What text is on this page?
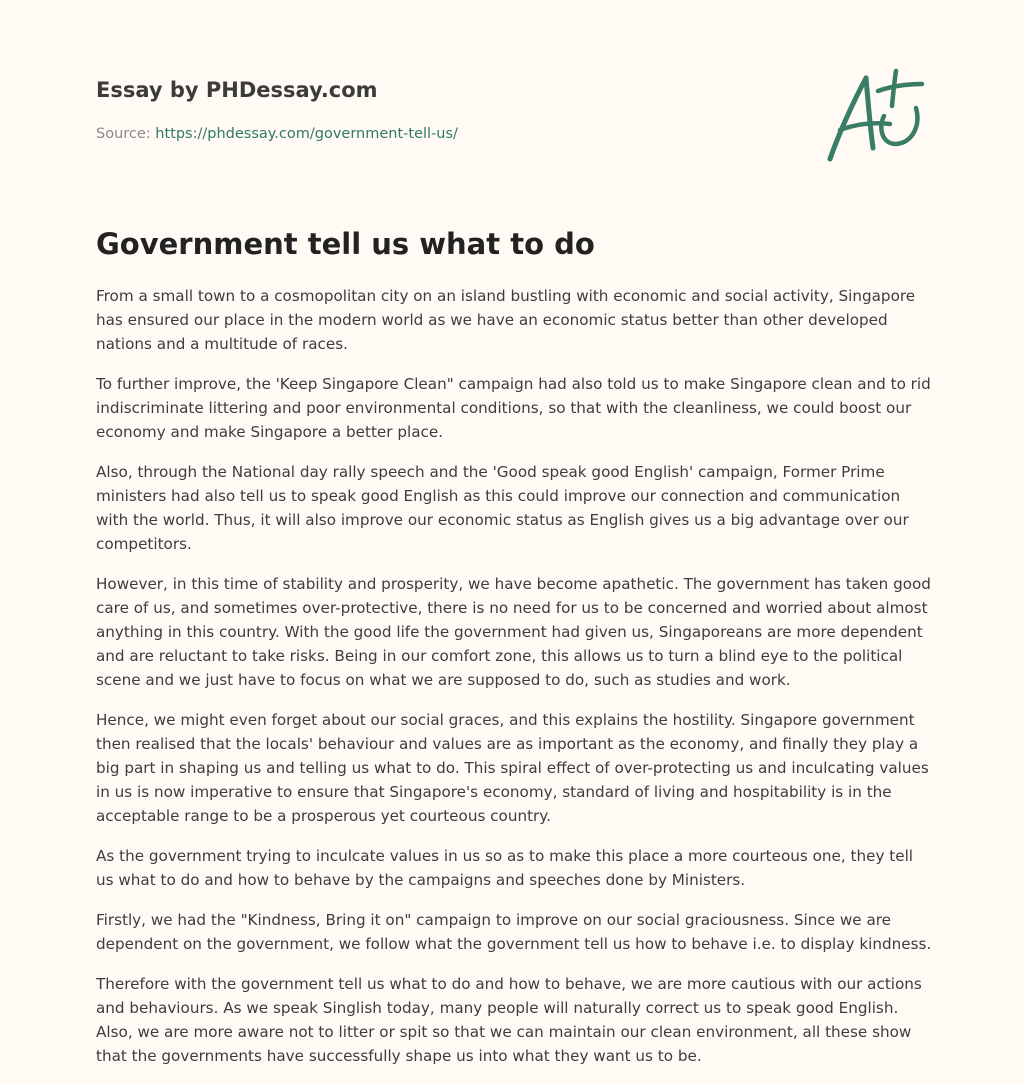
Essay by PHDessay.com
Source: https://phdessay.com/government-tell-us/
Government tell us what to do

From a small town to a cosmopolitan city on an island bustling with economic and social activity, Singapore has ensured our place in the modern world as we have an economic status better than other developed nations and a multitude of races.

To further improve, the 'Keep Singapore Clean" campaign had also told us to make Singapore clean and to rid indiscriminate littering and poor environmental conditions, so that with the cleanliness, we could boost our economy and make Singapore a better place.

Also, through the National day rally speech and the 'Good speak good English' campaign, Former Prime ministers had also tell us to speak good English as this could improve our connection and communication with the world. Thus, it will also improve our economic status as English gives us a big advantage over our competitors.

However, in this time of stability and prosperity, we have become apathetic. The government has taken good care of us, and sometimes over-protective, there is no need for us to be concerned and worried about almost anything in this country. With the good life the government had given us, Singaporeans are more dependent and are reluctant to take risks. Being in our comfort zone, this allows us to turn a blind eye to the political scene and we just have to focus on what we are supposed to do, such as studies and work.

Hence, we might even forget about our social graces, and this explains the hostility. Singapore government then realised that the locals' behaviour and values are as important as the economy, and finally they play a big part in shaping us and telling us what to do. This spiral effect of over-protecting us and inculcating values in us is now imperative to ensure that Singapore's economy, standard of living and hospitability is in the acceptable range to be a prosperous yet courteous country.

As the government trying to inculcate values in us so as to make this place a more courteous one, they tell us what to do and how to behave by the campaigns and speeches done by Ministers.

Firstly, we had the "Kindness, Bring it on" campaign to improve on our social graciousness. Since we are dependent on the government, we follow what the government tell us how to behave i.e. to display kindness.

Therefore with the government tell us what to do and how to behave, we are more cautious with our actions and behaviours. As we speak Singlish today, many people will naturally correct us to speak good English. Also, we are more aware not to litter or spit so that we can maintain our clean environment, all these show that the governments have successfully shape us into what they want us to be.
